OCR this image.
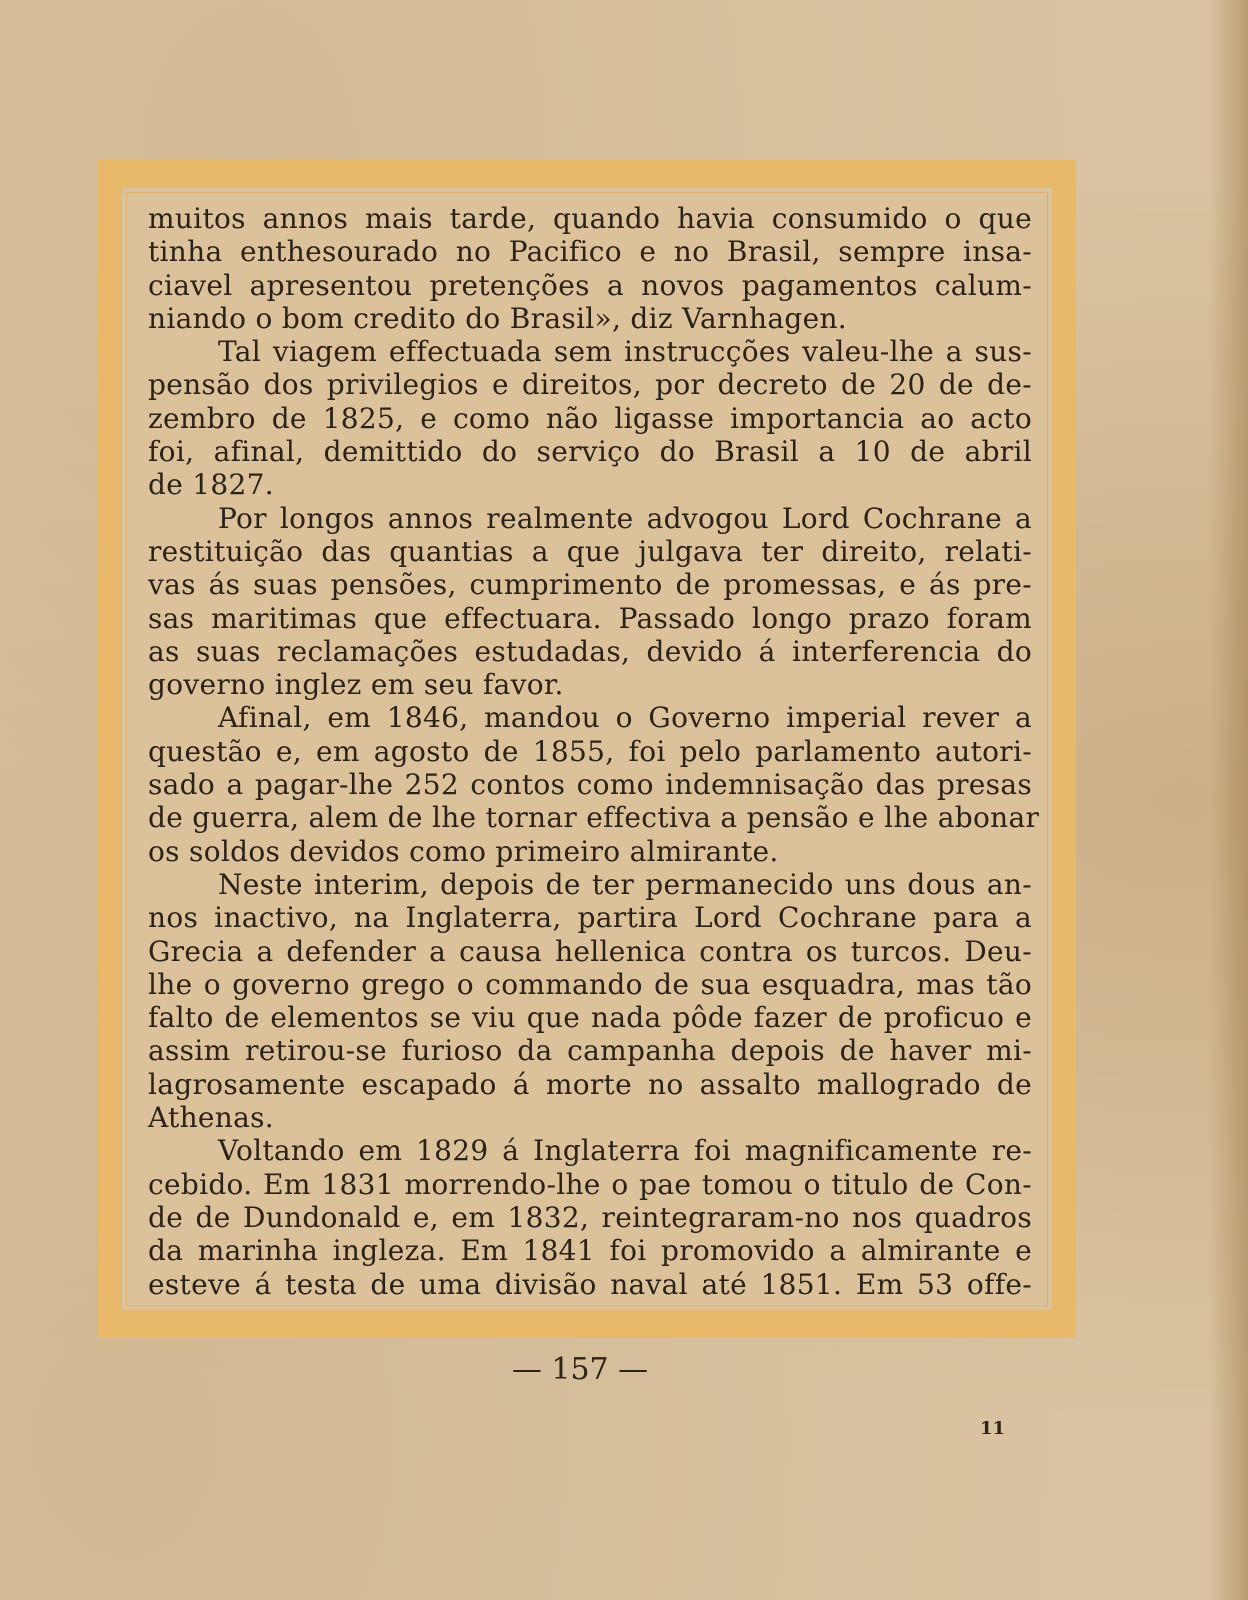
muitos annos mais tarde, quando havia consumido o que
tinha enthesourado no Pacifico e no Brasil, sempre insa-
ciavel apresentou pretenções a novos pagamentos calum-
niando o bom credito do Brasil», diz Varnhagen.
Tal viagem effectuada sem instrucções valeu-lhe a sus-
pensão dos privilegios e direitos, por decreto de 20 de de-
zembro de 1825, e como não ligasse importancia ao acto
foi, afinal, demittido do serviço do Brasil a 10 de abril
de 1827.
Por longos annos realmente advogou Lord Cochrane a
restituição das quantias a que julgava ter direito, relati-
vas ás suas pensões, cumprimento de promessas, e ás pre-
sas maritimas que effectuara. Passado longo prazo foram
as suas reclamações estudadas, devido á interferencia do
governo inglez em seu favor.
Afinal, em 1846, mandou o Governo imperial rever a
questão e, em agosto de 1855, foi pelo parlamento autori-
sado a pagar-lhe 252 contos como indemnisação das presas
de guerra, alem de lhe tornar effectiva a pensão e lhe abonar
os soldos devidos como primeiro almirante.
Neste interim, depois de ter permanecido uns dous an-
nos inactivo, na Inglaterra, partira Lord Cochrane para a
Grecia a defender a causa hellenica contra os turcos. Deu-
lhe o governo grego o commando de sua esquadra, mas tão
falto de elementos se viu que nada pôde fazer de proficuo e
assim retirou-se furioso da campanha depois de haver mi-
lagrosamente escapado á morte no assalto mallogrado de
Athenas.
Voltando em 1829 á Inglaterra foi magnificamente re-
cebido. Em 1831 morrendo-lhe o pae tomou o titulo de Con-
de de Dundonald e, em 1832, reintegraram-no nos quadros
da marinha ingleza. Em 1841 foi promovido a almirante e
esteve á testa de uma divisão naval até 1851. Em 53 offe-
— 157 —
11
